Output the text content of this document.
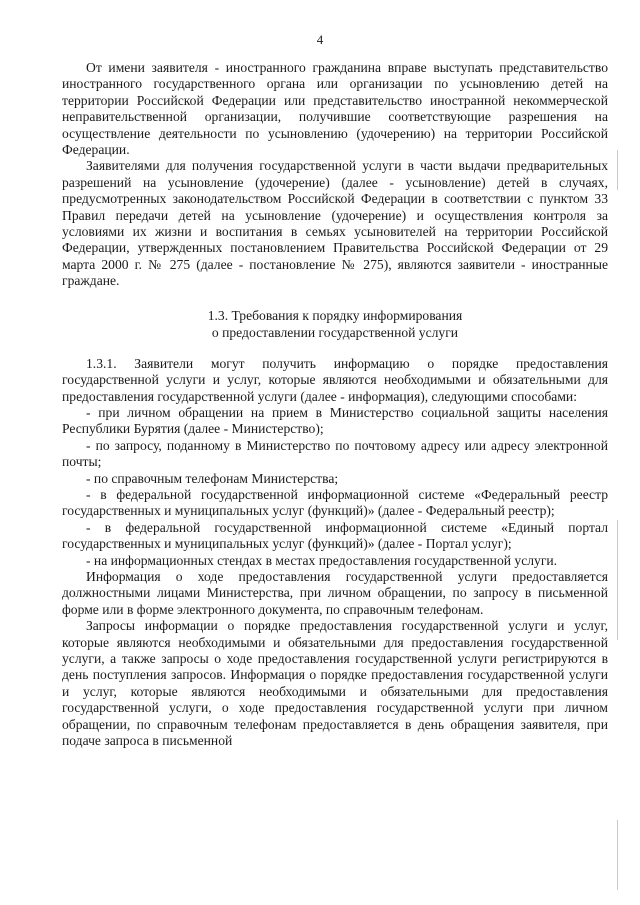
4

От имени заявителя - иностранного гражданина вправе выступать представительство иностранного государственного органа или организации по усыновлению детей на территории Российской Федерации или представительство иностранной некоммерческой неправительственной организации, получившие соответствующие разрешения на осуществление деятельности по усыновлению (удочерению) на территории Российской Федерации.

Заявителями для получения государственной услуги в части выдачи предварительных разрешений на усыновление (удочерение) (далее - усыновление) детей в случаях, предусмотренных законодательством Российской Федерации в соответствии с пунктом 33 Правил передачи детей на усыновление (удочерение) и осуществления контроля за условиями их жизни и воспитания в семьях усыновителей на территории Российской Федерации, утвержденных постановлением Правительства Российской Федерации от 29 марта 2000 г. № 275 (далее - постановление № 275), являются заявители - иностранные граждане.

1.3. Требования к порядку информирования
о предоставлении государственной услуги

1.3.1. Заявители могут получить информацию о порядке предоставления государственной услуги и услуг, которые являются необходимыми и обязательными для предоставления государственной услуги (далее - информация), следующими способами:

- при личном обращении на прием в Министерство социальной защиты населения Республики Бурятия (далее - Министерство);

- по запросу, поданному в Министерство по почтовому адресу или адресу электронной почты;

- по справочным телефонам Министерства;

- в федеральной государственной информационной системе «Федеральный реестр государственных и муниципальных услуг (функций)» (далее - Федеральный реестр);

- в федеральной государственной информационной системе «Единый портал государственных и муниципальных услуг (функций)» (далее - Портал услуг);

- на информационных стендах в местах предоставления государственной услуги.

Информация о ходе предоставления государственной услуги предоставляется должностными лицами Министерства, при личном обращении, по запросу в письменной форме или в форме электронного документа, по справочным телефонам.

Запросы информации о порядке предоставления государственной услуги и услуг, которые являются необходимыми и обязательными для предоставления государственной услуги, а также запросы о ходе предоставления государственной услуги регистрируются в день поступления запросов. Информация о порядке предоставления государственной услуги и услуг, которые являются необходимыми и обязательными для предоставления государственной услуги, о ходе предоставления государственной услуги при личном обращении, по справочным телефонам предоставляется в день обращения заявителя, при подаче запроса в письменной
